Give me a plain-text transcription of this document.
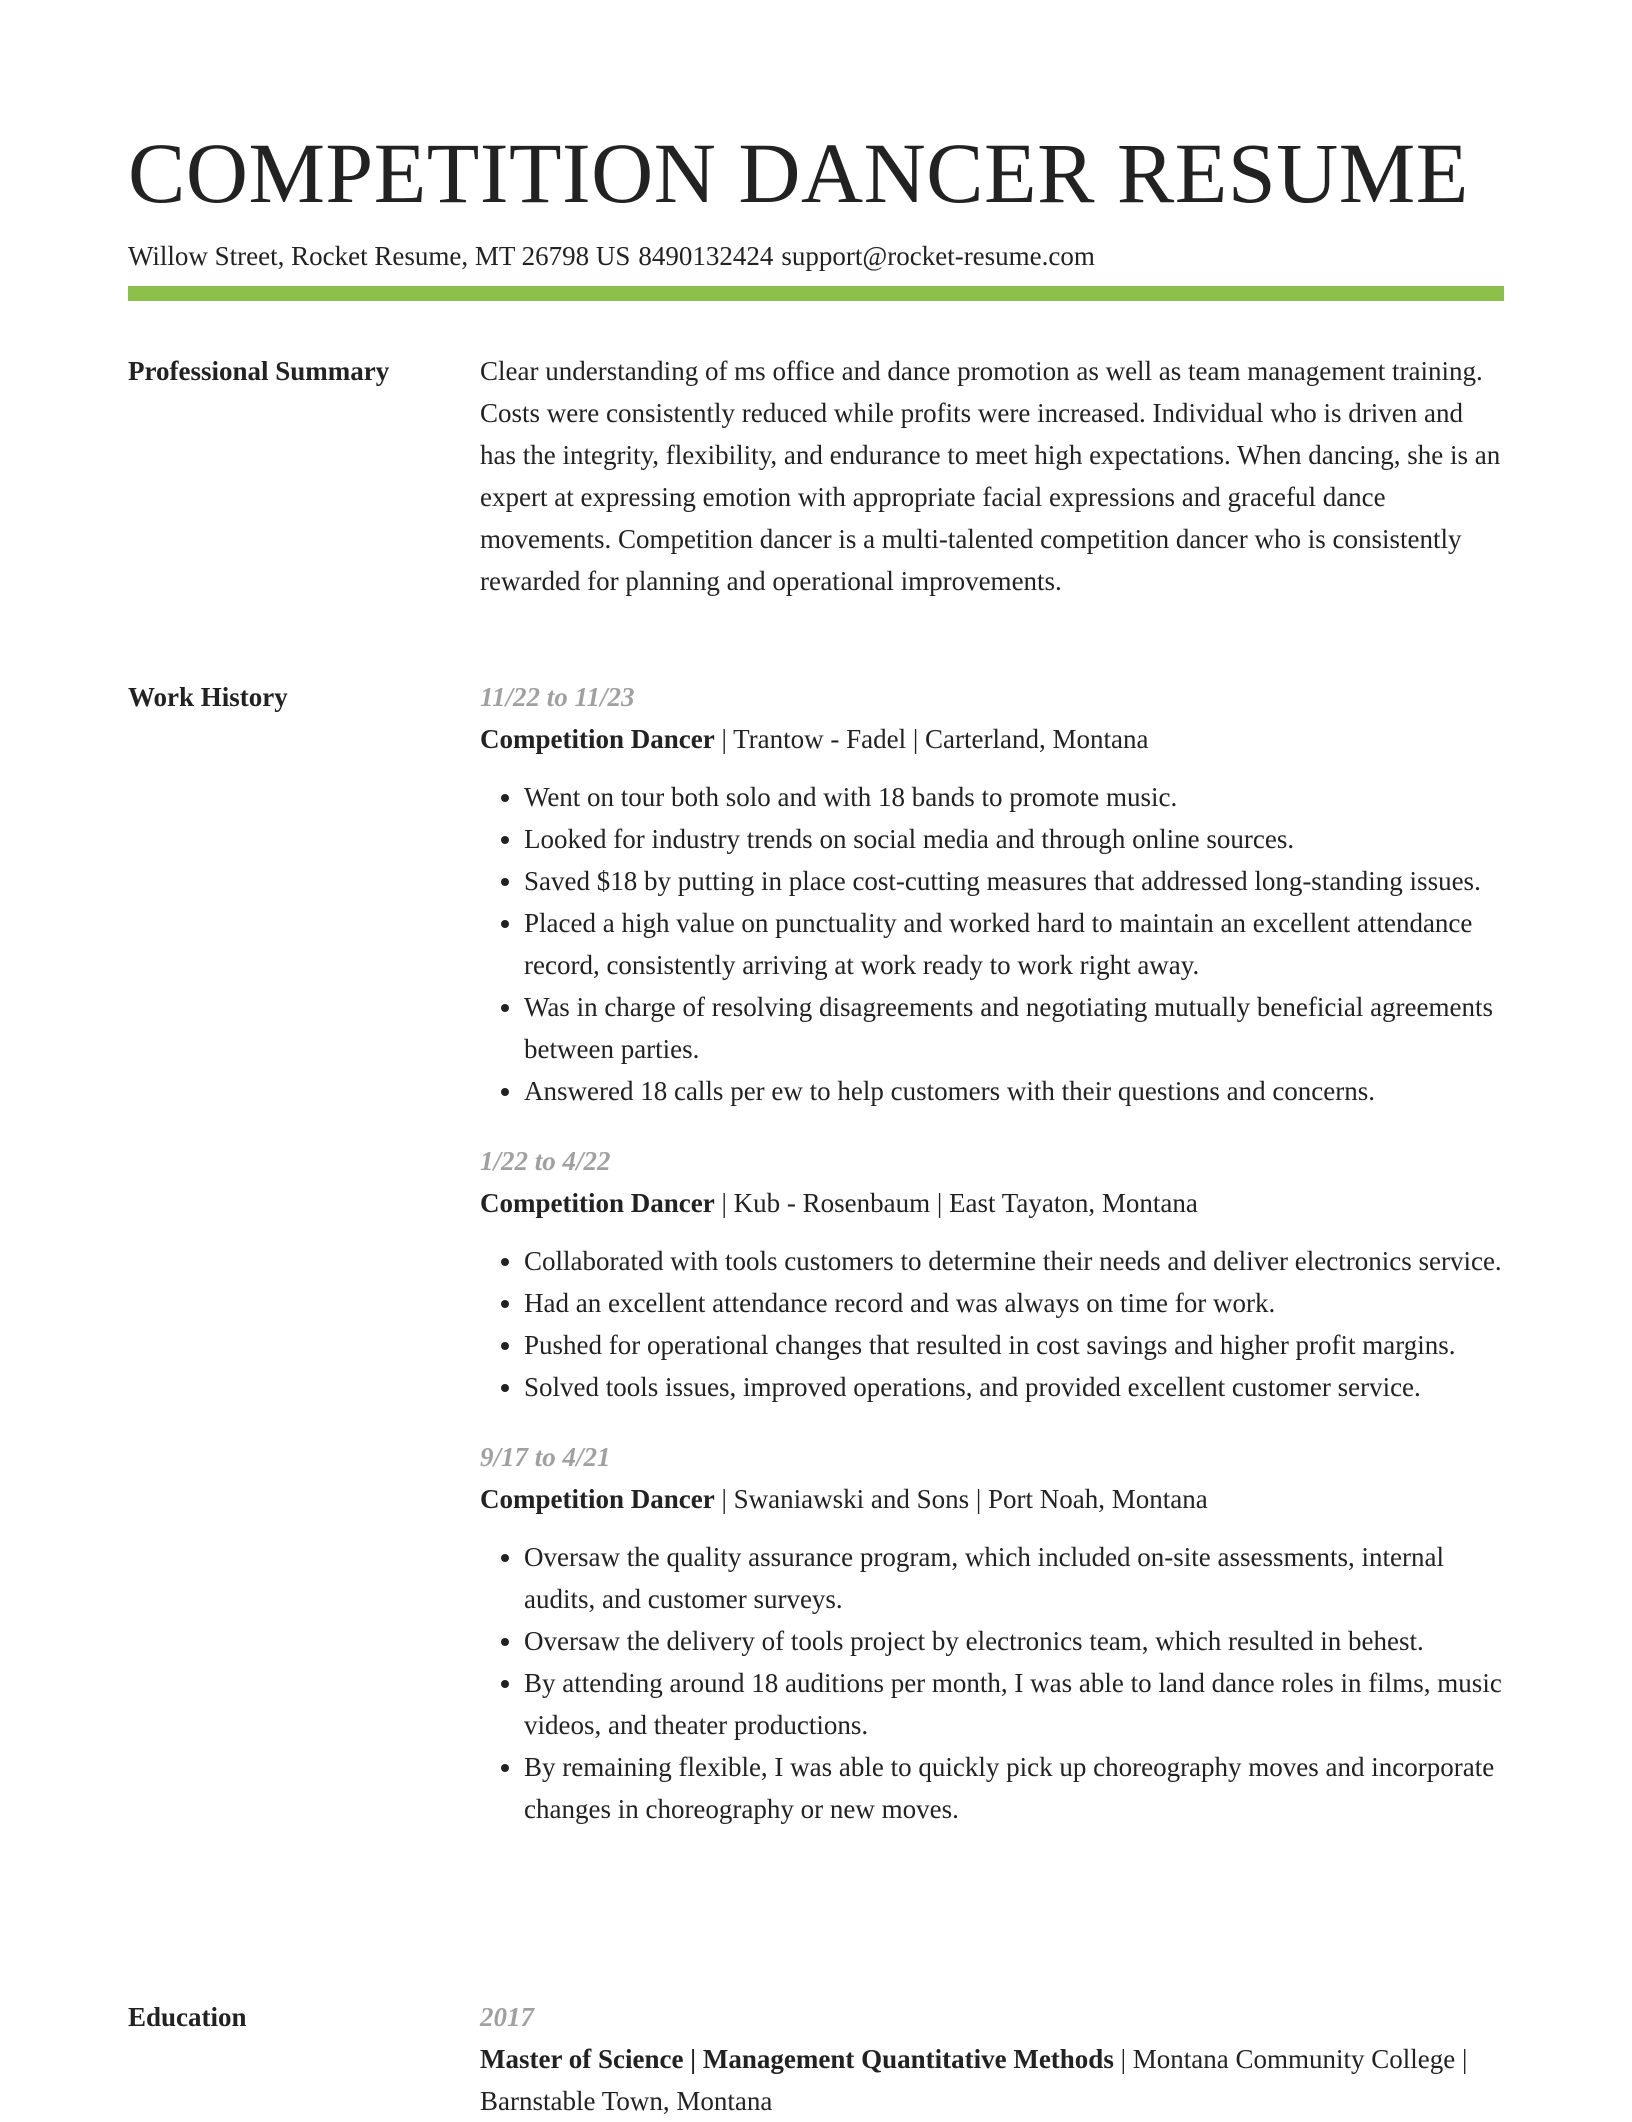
COMPETITION DANCER RESUME
Willow Street, Rocket Resume, MT 26798 US 8490132424 support@rocket-resume.com
Professional Summary	Clear understanding of ms office and dance promotion as well as team management training. Costs were consistently reduced while profits were increased. Individual who is driven and has the integrity, flexibility, and endurance to meet high expectations. When dancing, she is an expert at expressing emotion with appropriate facial expressions and graceful dance movements. Competition dancer is a multi-talented competition dancer who is consistently rewarded for planning and operational improvements.

Work History	11/22 to 11/23
Competition Dancer | Trantow - Fadel | Carterland, Montana
• Went on tour both solo and with 18 bands to promote music.
• Looked for industry trends on social media and through online sources.
• Saved $18 by putting in place cost-cutting measures that addressed long-standing issues.
• Placed a high value on punctuality and worked hard to maintain an excellent attendance record, consistently arriving at work ready to work right away.
• Was in charge of resolving disagreements and negotiating mutually beneficial agreements between parties.
• Answered 18 calls per ew to help customers with their questions and concerns.
1/22 to 4/22
Competition Dancer | Kub - Rosenbaum | East Tayaton, Montana
• Collaborated with tools customers to determine their needs and deliver electronics service.
• Had an excellent attendance record and was always on time for work.
• Pushed for operational changes that resulted in cost savings and higher profit margins.
• Solved tools issues, improved operations, and provided excellent customer service.
9/17 to 4/21
Competition Dancer | Swaniawski and Sons | Port Noah, Montana
• Oversaw the quality assurance program, which included on-site assessments, internal audits, and customer surveys.
• Oversaw the delivery of tools project by electronics team, which resulted in behest.
• By attending around 18 auditions per month, I was able to land dance roles in films, music videos, and theater productions.
• By remaining flexible, I was able to quickly pick up choreography moves and incorporate changes in choreography or new moves.
Education	2017
Master of Science | Management Quantitative Methods | Montana Community College | Barnstable Town, Montana
